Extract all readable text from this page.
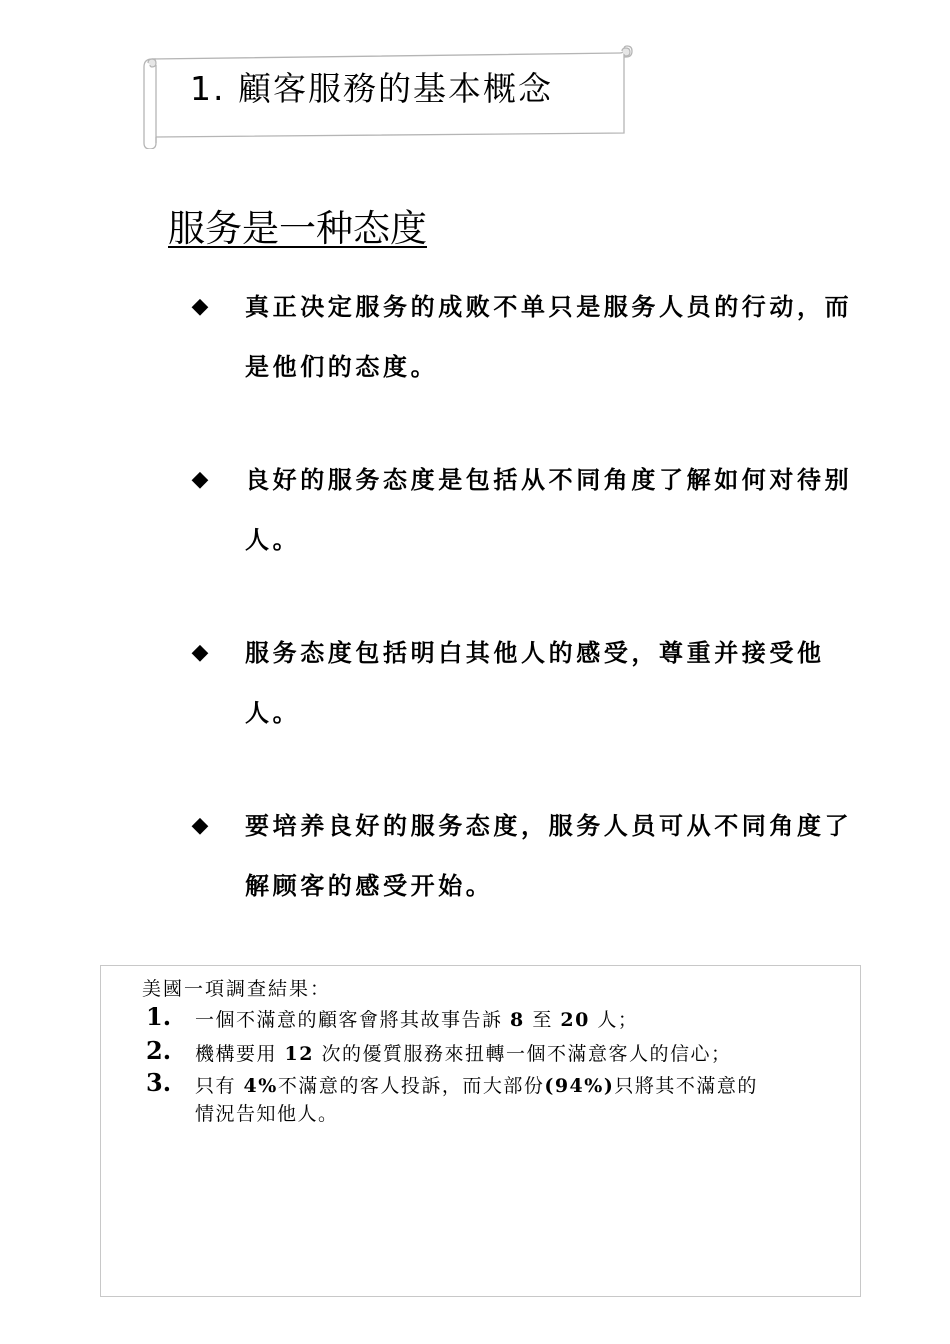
1. 顧客服務的基本概念
服务是一种态度
◆ 真正决定服务的成败不单只是服务人员的行动，而是他们的态度。
◆ 良好的服务态度是包括从不同角度了解如何对待别人。
◆ 服务态度包括明白其他人的感受，尊重并接受他人。
◆ 要培养良好的服务态度，服务人员可从不同角度了解顾客的感受开始。
美國一項調查結果：
1. 一個不滿意的顧客會將其故事告訴 8 至 20 人；
2. 機構要用 12 次的優質服務來扭轉一個不滿意客人的信心；
3. 只有 4%不滿意的客人投訴，而大部份(94%)只將其不滿意的
情況告知他人。
